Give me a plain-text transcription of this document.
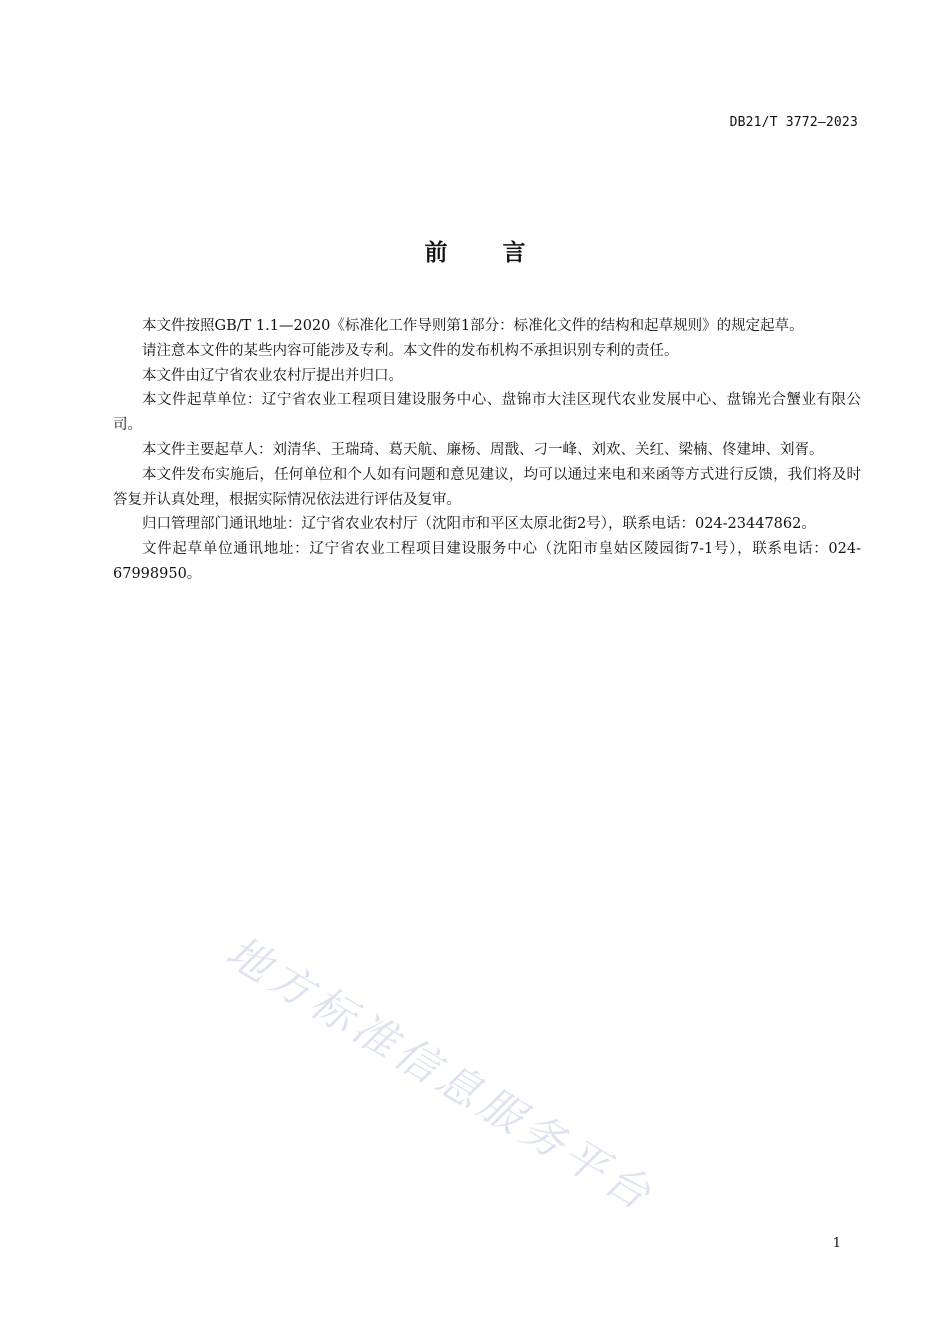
DB21/T 3772—2023
前言

本文件按照GB/T 1.1—2020《标准化工作导则第1部分：标准化文件的结构和起草规则》的规定起草。

请注意本文件的某些内容可能涉及专利。本文件的发布机构不承担识别专利的责任。

本文件由辽宁省农业农村厅提出并归口。

本文件起草单位：辽宁省农业工程项目建设服务中心、盘锦市大洼区现代农业发展中心、盘锦光合蟹业有限公司。

本文件主要起草人：刘清华、王瑞琦、葛天航、廉杨、周戬、刁一峰、刘欢、关红、梁楠、佟建坤、刘胥。

本文件发布实施后，任何单位和个人如有问题和意见建议，均可以通过来电和来函等方式进行反馈，我们将及时答复并认真处理，根据实际情况依法进行评估及复审。

归口管理部门通讯地址：辽宁省农业农村厅（沈阳市和平区太原北街2号），联系电话：024-23447862。

文件起草单位通讯地址：辽宁省农业工程项目建设服务中心（沈阳市皇姑区陵园街7-1号），联系电话：024-67998950。

地方标准信息服务平台
1
